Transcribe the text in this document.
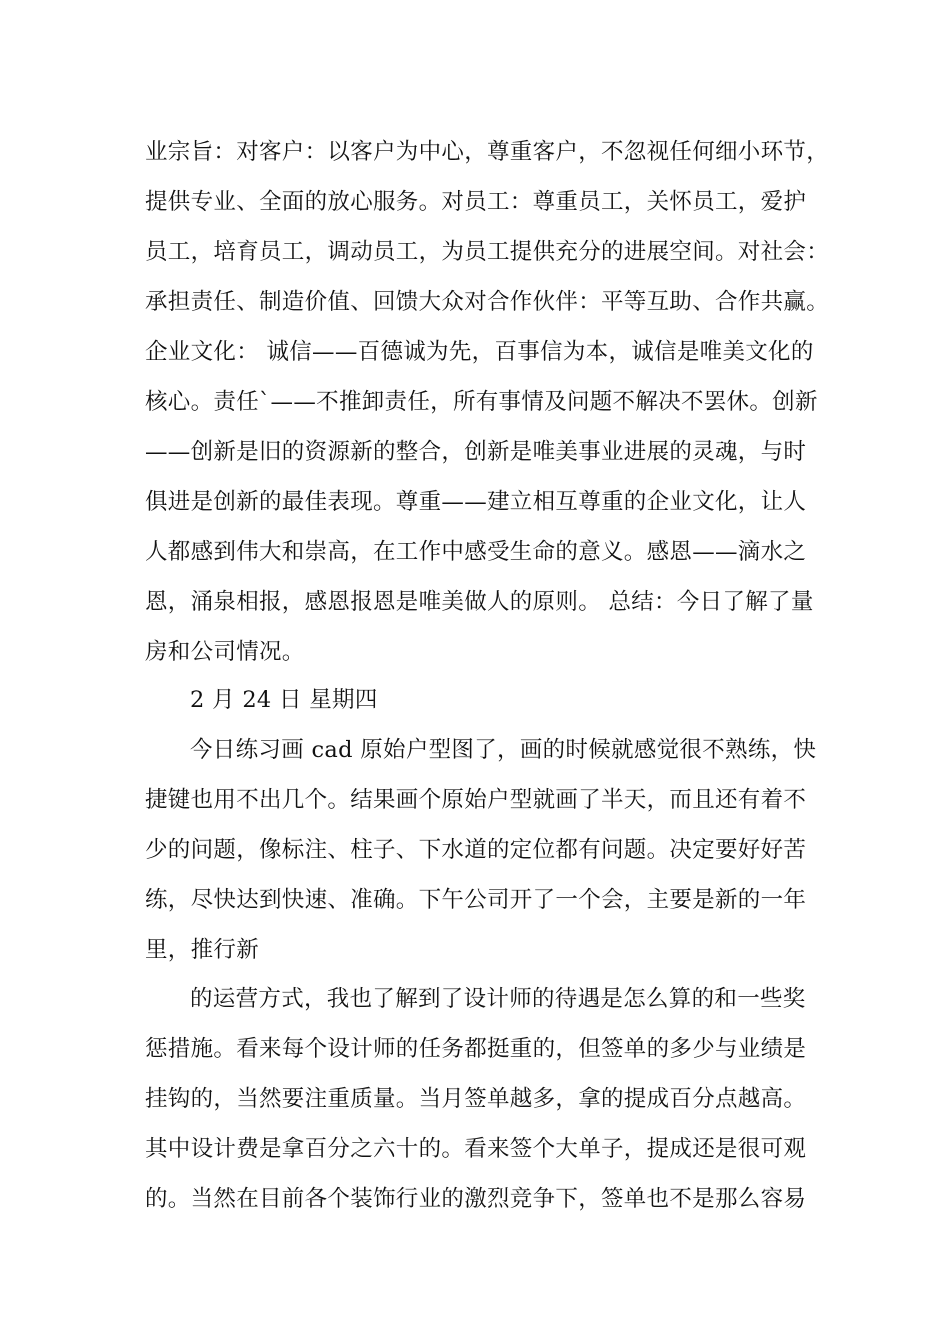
业宗旨：对客户：以客户为中心，尊重客户，不忽视任何细小环节，
提供专业、全面的放心服务。对员工：尊重员工，关怀员工，爱护
员工，培育员工，调动员工，为员工提供充分的进展空间。对社会：
承担责任、制造价值、回馈大众对合作伙伴：平等互助、合作共赢。
企业文化： 诚信——百德诚为先，百事信为本，诚信是唯美文化的
核心。责任`——不推卸责任，所有事情及问题不解决不罢休。创新
——创新是旧的资源新的整合，创新是唯美事业进展的灵魂，与时
俱进是创新的最佳表现。尊重——建立相互尊重的企业文化，让人
人都感到伟大和崇高，在工作中感受生命的意义。感恩——滴水之
恩，涌泉相报，感恩报恩是唯美做人的原则。 总结：今日了解了量
房和公司情况。
2 月 24 日 星期四
今日练习画 cad 原始户型图了，画的时候就感觉很不熟练，快
捷键也用不出几个。结果画个原始户型就画了半天，而且还有着不
少的问题，像标注、柱子、下水道的定位都有问题。决定要好好苦
练，尽快达到快速、准确。下午公司开了一个会，主要是新的一年
里，推行新
的运营方式，我也了解到了设计师的待遇是怎么算的和一些奖
惩措施。看来每个设计师的任务都挺重的，但签单的多少与业绩是
挂钩的，当然要注重质量。当月签单越多，拿的提成百分点越高。
其中设计费是拿百分之六十的。看来签个大单子，提成还是很可观
的。当然在目前各个装饰行业的激烈竞争下，签单也不是那么容易
